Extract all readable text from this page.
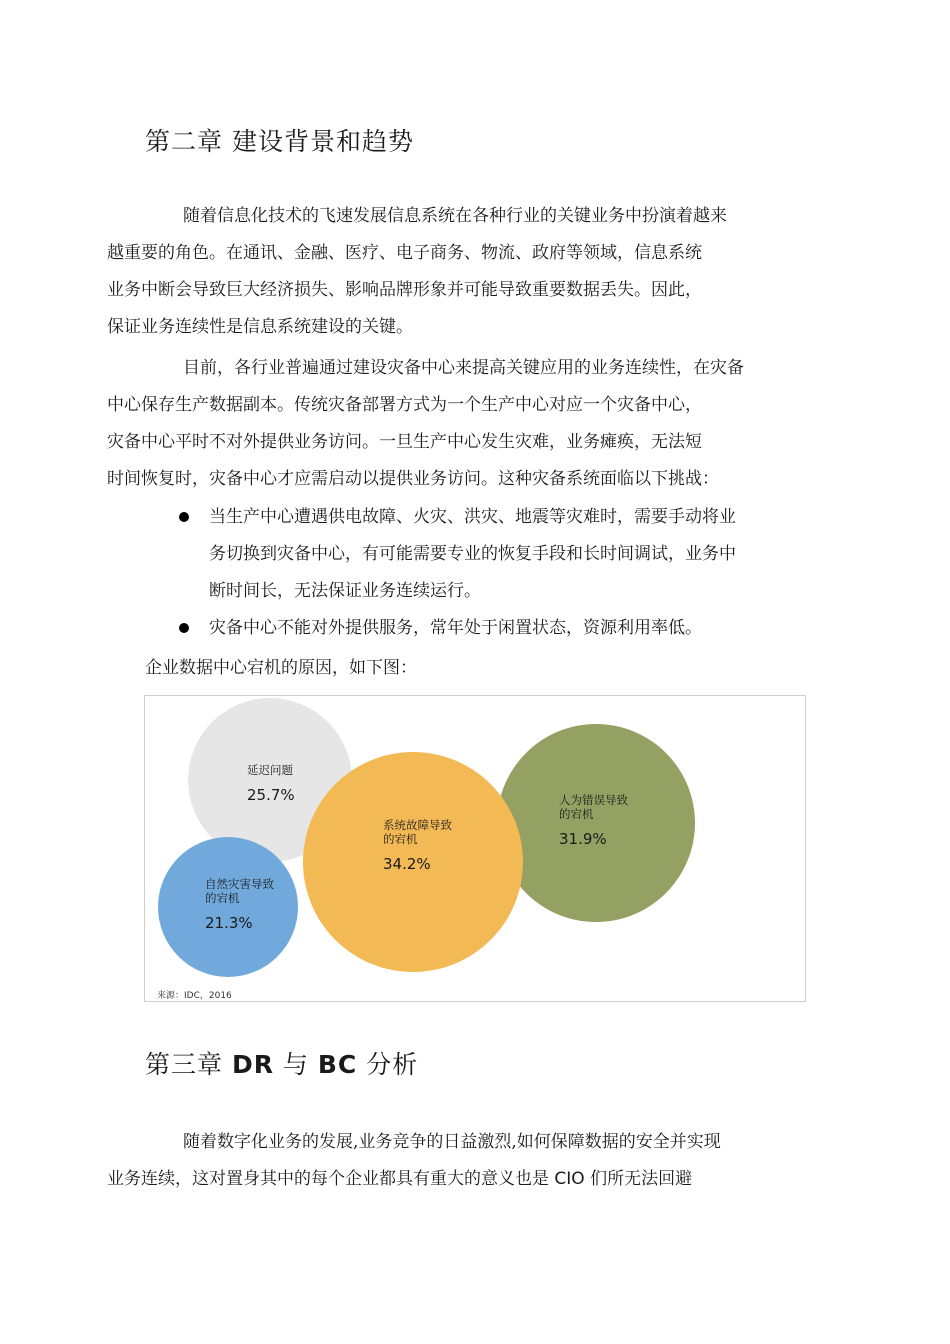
第二章 建设背景和趋势

随着信息化技术的飞速发展信息系统在各种行业的关键业务中扮演着越来
越重要的角色。在通讯、金融、医疗、电子商务、物流、政府等领域，信息系统
业务中断会导致巨大经济损失、影响品牌形象并可能导致重要数据丢失。因此，
保证业务连续性是信息系统建设的关键。

目前，各行业普遍通过建设灾备中心来提高关键应用的业务连续性，在灾备
中心保存生产数据副本。传统灾备部署方式为一个生产中心对应一个灾备中心，
灾备中心平时不对外提供业务访问。一旦生产中心发生灾难，业务瘫痪，无法短
时间恢复时，灾备中心才应需启动以提供业务访问。这种灾备系统面临以下挑战：

当生产中心遭遇供电故障、火灾、洪灾、地震等灾难时，需要手动将业
务切换到灾备中心，有可能需要专业的恢复手段和长时间调试，业务中
断时间长，无法保证业务连续运行。
灾备中心不能对外提供服务，常年处于闲置状态，资源利用率低。

企业数据中心宕机的原因，如下图：

延迟问题
25.7%
系统故障导致
的宕机
34.2%
人为错误导致
的宕机
31.9%
自然灾害导致
的宕机
21.3%
来源：IDC，2016
第三章 DR 与 BC 分析

随着数字化业务的发展,业务竞争的日益激烈,如何保障数据的安全并实现
业务连续，这对置身其中的每个企业都具有重大的意义也是 CIO 们所无法回避
